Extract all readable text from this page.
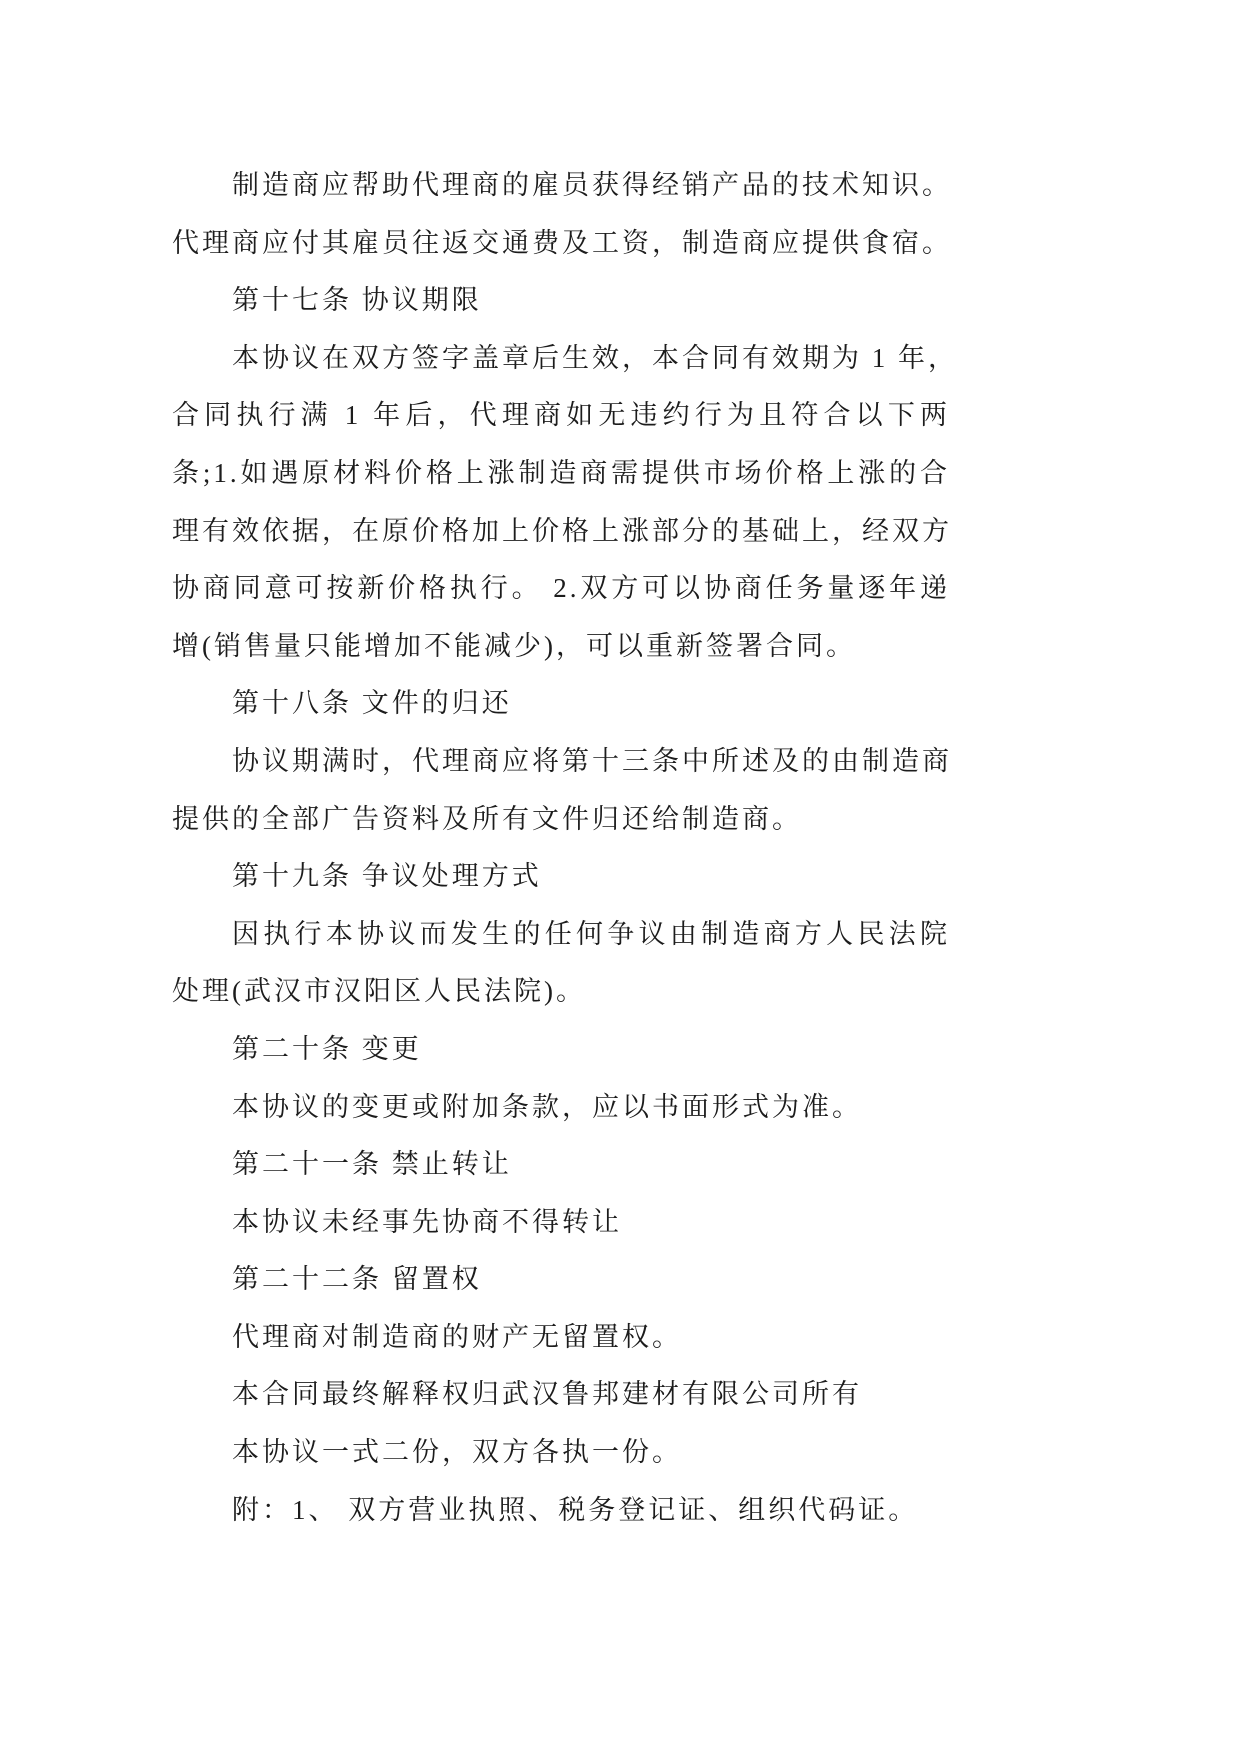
制造商应帮助代理商的雇员获得经销产品的技术知识。
代理商应付其雇员往返交通费及工资，制造商应提供食宿。
第十七条 协议期限
本协议在双方签字盖章后生效，本合同有效期为 1 年，
合同执行满 1 年后，代理商如无违约行为且符合以下两
条;1.如遇原材料价格上涨制造商需提供市场价格上涨的合
理有效依据，在原价格加上价格上涨部分的基础上，经双方
协商同意可按新价格执行。 2.双方可以协商任务量逐年递
增(销售量只能增加不能减少)，可以重新签署合同。
第十八条 文件的归还
协议期满时，代理商应将第十三条中所述及的由制造商
提供的全部广告资料及所有文件归还给制造商。
第十九条 争议处理方式
因执行本协议而发生的任何争议由制造商方人民法院
处理(武汉市汉阳区人民法院)。
第二十条 变更
本协议的变更或附加条款，应以书面形式为准。
第二十一条 禁止转让
本协议未经事先协商不得转让
第二十二条 留置权
代理商对制造商的财产无留置权。
本合同最终解释权归武汉鲁邦建材有限公司所有
本协议一式二份，双方各执一份。
附：1、 双方营业执照、税务登记证、组织代码证。
